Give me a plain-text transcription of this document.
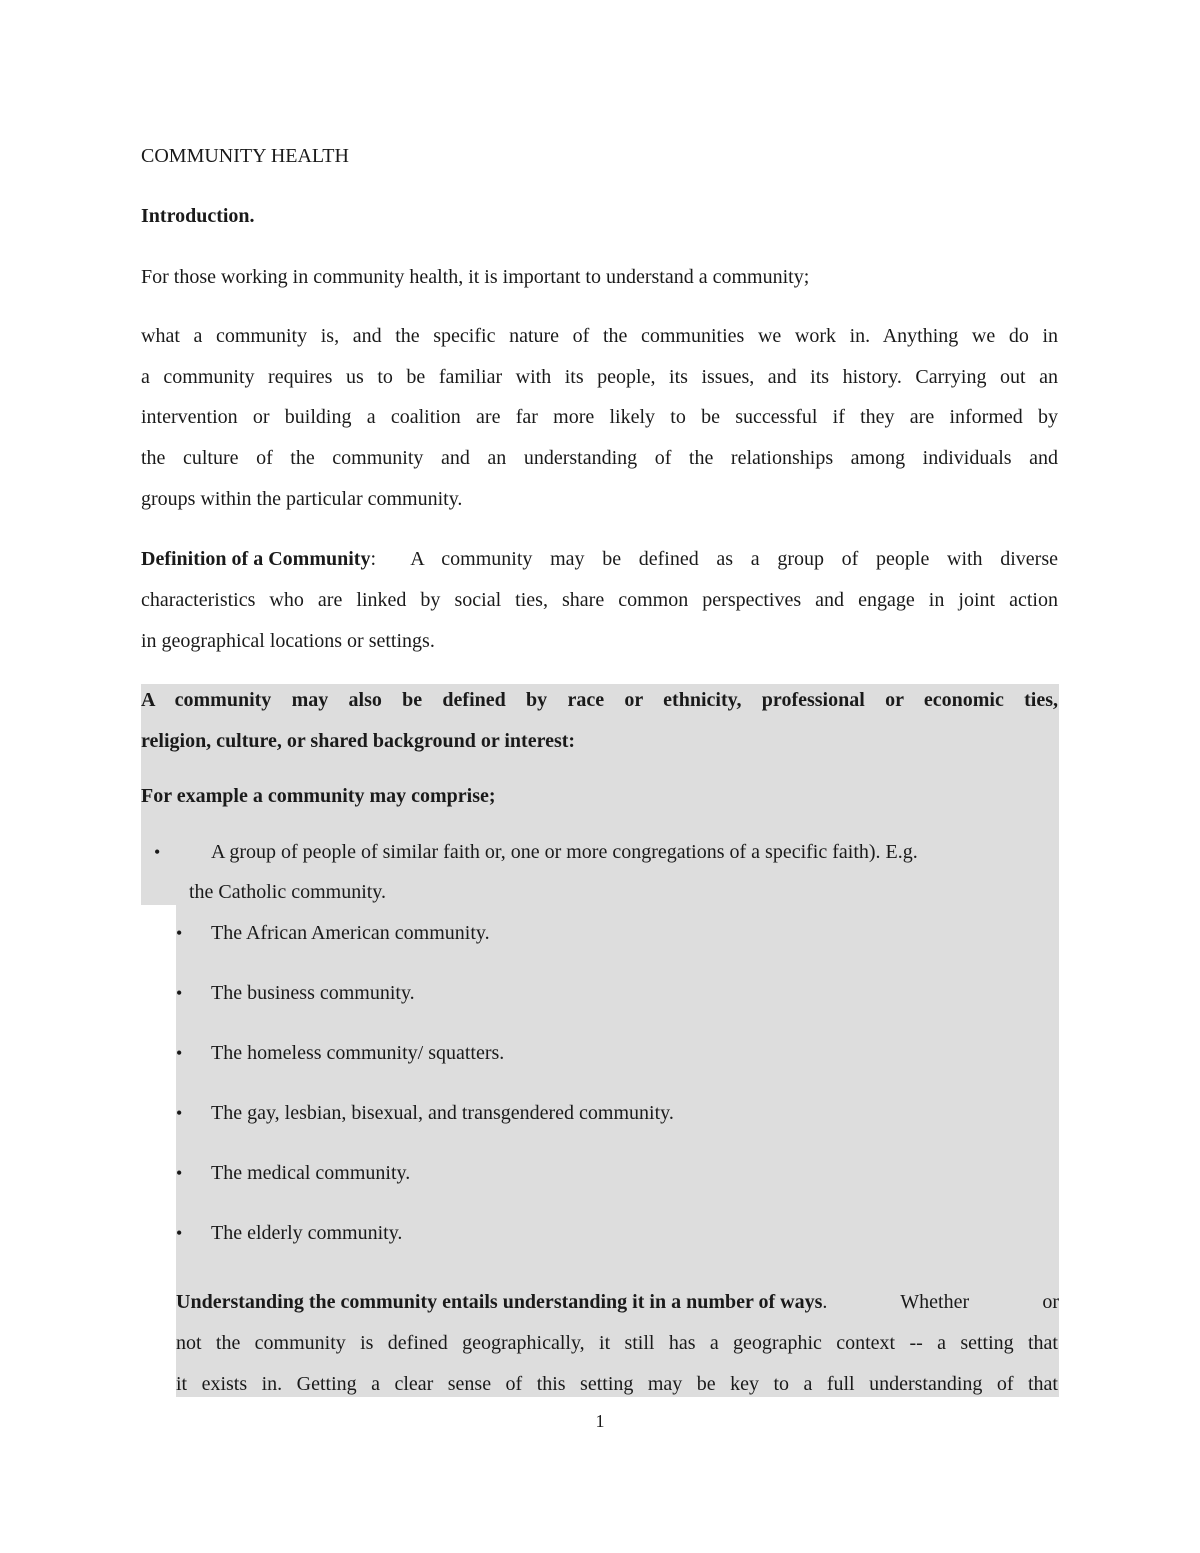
COMMUNITY HEALTH
Introduction.
For those working in community health, it is important to understand a community;
what a community is, and the specific nature of the communities we work in. Anything we do in
a community requires us to be familiar with its people, its issues, and its history. Carrying out an
intervention or building a coalition are far more likely to be successful if they are informed by
the culture of the community and an understanding of the relationships among individuals and
groups within the particular community.
Definition of a Community :  A community may be defined as a group of people with diverse
characteristics who are linked by social ties, share common perspectives and engage in joint action
in geographical locations or settings.
A community may also be defined by race or ethnicity, professional or economic ties,
religion, culture, or shared background or interest:
For example a community may comprise;
•	A group of people of similar faith or, one or more congregations of a specific faith). E.g.
the Catholic community.
• The African American community.
• The business community.
• The homeless community/ squatters.
• The gay, lesbian, bisexual, and transgendered community.
• The medical community.
• The elderly community.
Understanding the community entails understanding it in a number of ways . Whether or
not the community is defined geographically, it still has a geographic context -- a setting that
it exists in. Getting a clear sense of this setting may be key to a full understanding of that
1
